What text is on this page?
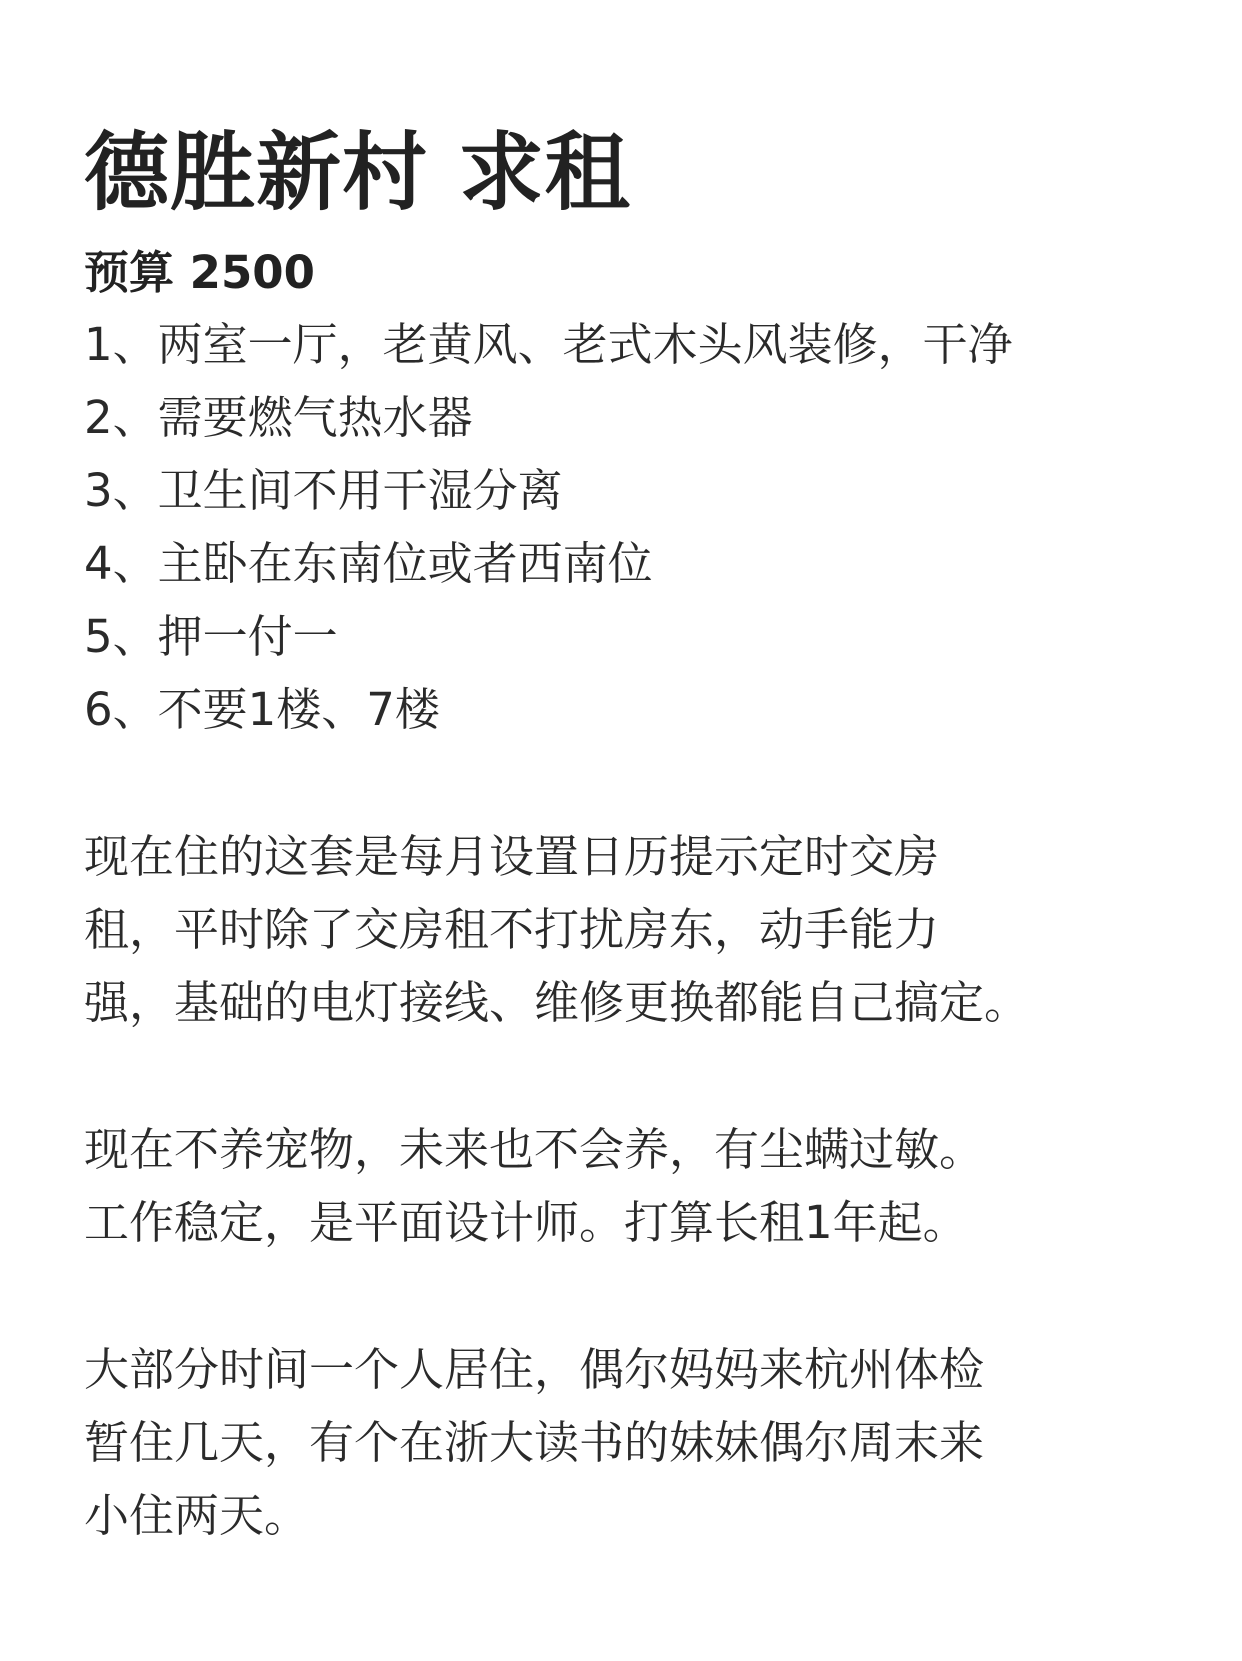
德胜新村 求租
预算 2500
1、两室一厅，老黄风、老式木头风装修，干净
2、需要燃气热水器
3、卫生间不用干湿分离
4、主卧在东南位或者西南位
5、押一付一
6、不要1楼、7楼
现在住的这套是每月设置日历提示定时交房
租，平时除了交房租不打扰房东，动手能力
强，基础的电灯接线、维修更换都能自己搞定。
现在不养宠物，未来也不会养，有尘螨过敏。
工作稳定，是平面设计师。打算长租1年起。
大部分时间一个人居住，偶尔妈妈来杭州体检
暂住几天，有个在浙大读书的妹妹偶尔周末来
小住两天。
